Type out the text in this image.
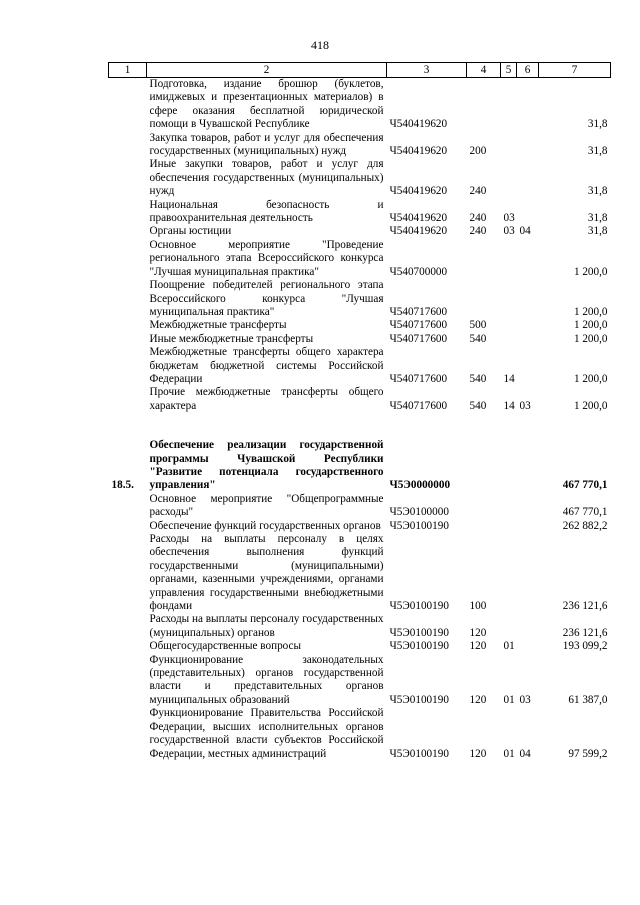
418
1	2	3	4	5	6	7
	Подготовка, издание брошюр (буклетов, имиджевых и презентационных материалов) в сфере оказания бесплатной юридической помощи в Чувашской Республике	Ч540419620				31,8
	Закупка товаров, работ и услуг для обеспечения государственных (муниципальных) нужд	Ч540419620	200			31,8
	Иные закупки товаров, работ и услуг для обеспечения государственных (муниципальных) нужд	Ч540419620	240			31,8
	Национальная безопасность и правоохранительная деятельность	Ч540419620	240	03		31,8
	Органы юстиции	Ч540419620	240	03	04	31,8
	Основное мероприятие "Проведение регионального этапа Всероссийского конкурса "Лучшая муниципальная практика"	Ч540700000				1 200,0
	Поощрение победителей регионального этапа Всероссийского конкурса "Лучшая муниципальная практика"	Ч540717600				1 200,0
	Межбюджетные трансферты	Ч540717600	500			1 200,0
	Иные межбюджетные трансферты	Ч540717600	540			1 200,0
	Межбюджетные трансферты общего характера бюджетам бюджетной системы Российской Федерации	Ч540717600	540	14		1 200,0
	Прочие межбюджетные трансферты общего характера	Ч540717600	540	14	03	1 200,0

18.5.	Обеспечение реализации государственной программы Чувашской Республики "Развитие потенциала государственного управления"	Ч5Э0000000				467 770,1
	Основное мероприятие "Общепрограммные расходы"	Ч5Э0100000				467 770,1
	Обеспечение функций государственных органов	Ч5Э0100190				262 882,2
	Расходы на выплаты персоналу в целях обеспечения выполнения функций государственными (муниципальными) органами, казенными учреждениями, органами управления государственными внебюджетными фондами	Ч5Э0100190	100			236 121,6
	Расходы на выплаты персоналу государственных (муниципальных) органов	Ч5Э0100190	120			236 121,6
	Общегосударственные вопросы	Ч5Э0100190	120	01		193 099,2
	Функционирование законодательных (представительных) органов государственной власти и представительных органов муниципальных образований	Ч5Э0100190	120	01	03	61 387,0
	Функционирование Правительства Российской Федерации, высших исполнительных органов государственной власти субъектов Российской Федерации, местных администраций	Ч5Э0100190	120	01	04	97 599,2
